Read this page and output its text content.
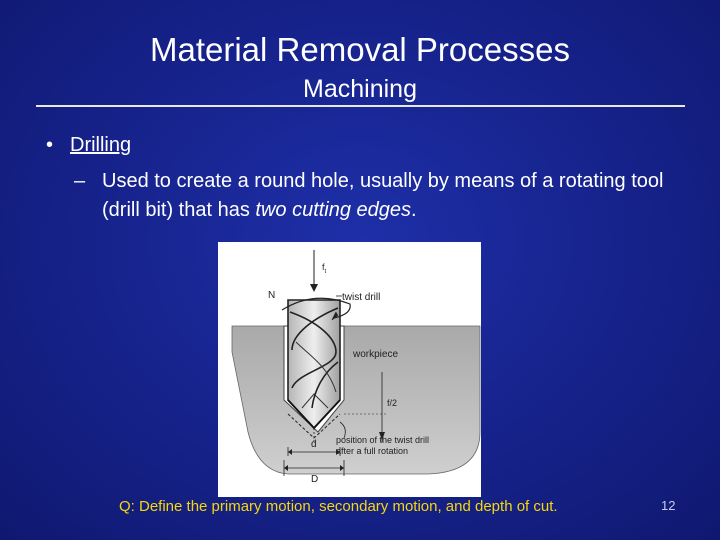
Material Removal Processes
Machining
• Drilling
– Used to create a round hole, usually by means of a rotating tool (drill bit) that has two cutting edges.
$f_t$
N	twist drill
workpiece
f/2
position of the twist drill
after a full rotation
d
D
Q: Define the primary motion, secondary motion, and depth of cut.	12
